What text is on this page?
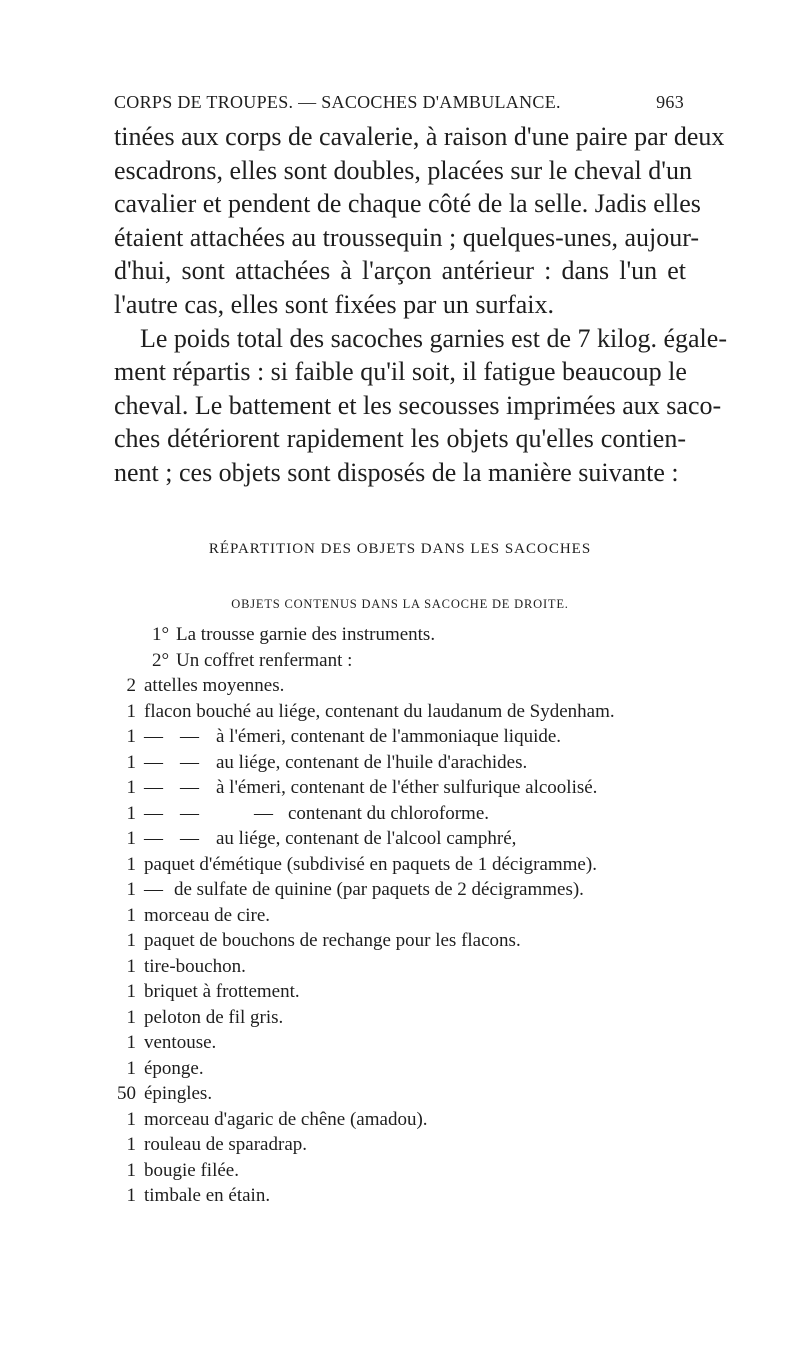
CORPS DE TROUPES. — SACOCHES D'AMBULANCE.	963

tinées aux corps de cavalerie, à raison d'une paire par deux
escadrons, elles sont doubles, placées sur le cheval d'un
cavalier et pendent de chaque côté de la selle. Jadis elles
étaient attachées au troussequin ; quelques-unes, aujour-
d'hui, sont attachées à l'arçon antérieur : dans l'un et
l'autre cas, elles sont fixées par un surfaix.

Le poids total des sacoches garnies est de 7 kilog. égale-
ment répartis : si faible qu'il soit, il fatigue beaucoup le
cheval. Le battement et les secousses imprimées aux saco-
ches détériorent rapidement les objets qu'elles contien-
nent ; ces objets sont disposés de la manière suivante :

RÉPARTITION DES OBJETS DANS LES SACOCHES
OBJETS CONTENUS DANS LA SACOCHE DE DROITE.
1° La trousse garnie des instruments.
2° Un coffret renfermant :
2 attelles moyennes.
1 flacon bouché au liége, contenant du laudanum de Sydenham.
1 — — à l'émeri, contenant de l'ammoniaque liquide.
1 — — au liége, contenant de l'huile d'arachides.
1 — — à l'émeri, contenant de l'éther sulfurique alcoolisé.
1 — —	— contenant du chloroforme.
1 — — au liége, contenant de l'alcool camphré,
1 paquet d'émétique (subdivisé en paquets de 1 décigramme).
1 — de sulfate de quinine (par paquets de 2 décigrammes).
1 morceau de cire.
1 paquet de bouchons de rechange pour les flacons.
1 tire-bouchon.
1 briquet à frottement.
1 peloton de fil gris.
1 ventouse.
1 éponge.
50 épingles.
1 morceau d'agaric de chêne (amadou).
1 rouleau de sparadrap.
1 bougie filée.
1 timbale en étain.
